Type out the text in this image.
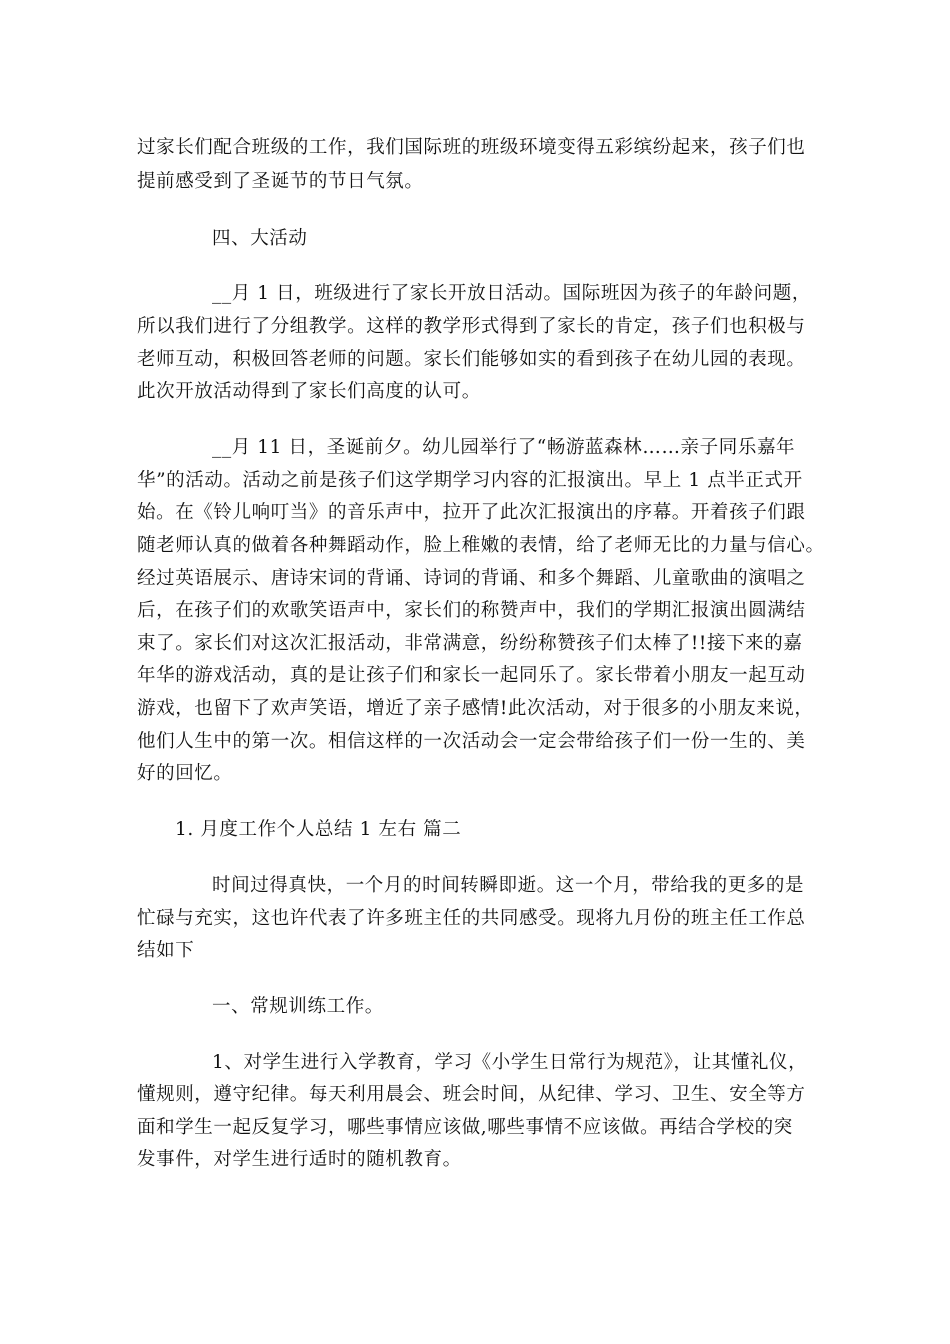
过家长们配合班级的工作，我们国际班的班级环境变得五彩缤纷起来，孩子们也
提前感受到了圣诞节的节日气氛。
四、大活动
__月 1 日，班级进行了家长开放日活动。国际班因为孩子的年龄问题，
所以我们进行了分组教学。这样的教学形式得到了家长的肯定，孩子们也积极与
老师互动，积极回答老师的问题。家长们能够如实的看到孩子在幼儿园的表现。
此次开放活动得到了家长们高度的认可。
__月 11 日，圣诞前夕。幼儿园举行了“畅游蓝森林……亲子同乐嘉年
华”的活动。活动之前是孩子们这学期学习内容的汇报演出。早上 1 点半正式开
始。在《铃儿响叮当》的音乐声中，拉开了此次汇报演出的序幕。开着孩子们跟
随老师认真的做着各种舞蹈动作，脸上稚嫩的表情，给了老师无比的力量与信心。
经过英语展示、唐诗宋词的背诵、诗词的背诵、和多个舞蹈、儿童歌曲的演唱之
后，在孩子们的欢歌笑语声中，家长们的称赞声中，我们的学期汇报演出圆满结
束了。家长们对这次汇报活动，非常满意，纷纷称赞孩子们太棒了!!接下来的嘉
年华的游戏活动，真的是让孩子们和家长一起同乐了。家长带着小朋友一起互动
游戏，也留下了欢声笑语，增近了亲子感情!此次活动，对于很多的小朋友来说，
他们人生中的第一次。相信这样的一次活动会一定会带给孩子们一份一生的、美
好的回忆。
1. 月度工作个人总结 1 左右 篇二
时间过得真快，一个月的时间转瞬即逝。这一个月，带给我的更多的是
忙碌与充实，这也许代表了许多班主任的共同感受。现将九月份的班主任工作总
结如下
一、常规训练工作。
1、对学生进行入学教育，学习《小学生日常行为规范》，让其懂礼仪，
懂规则，遵守纪律。每天利用晨会、班会时间，从纪律、学习、卫生、安全等方
面和学生一起反复学习，哪些事情应该做,哪些事情不应该做。再结合学校的突
发事件，对学生进行适时的随机教育。
